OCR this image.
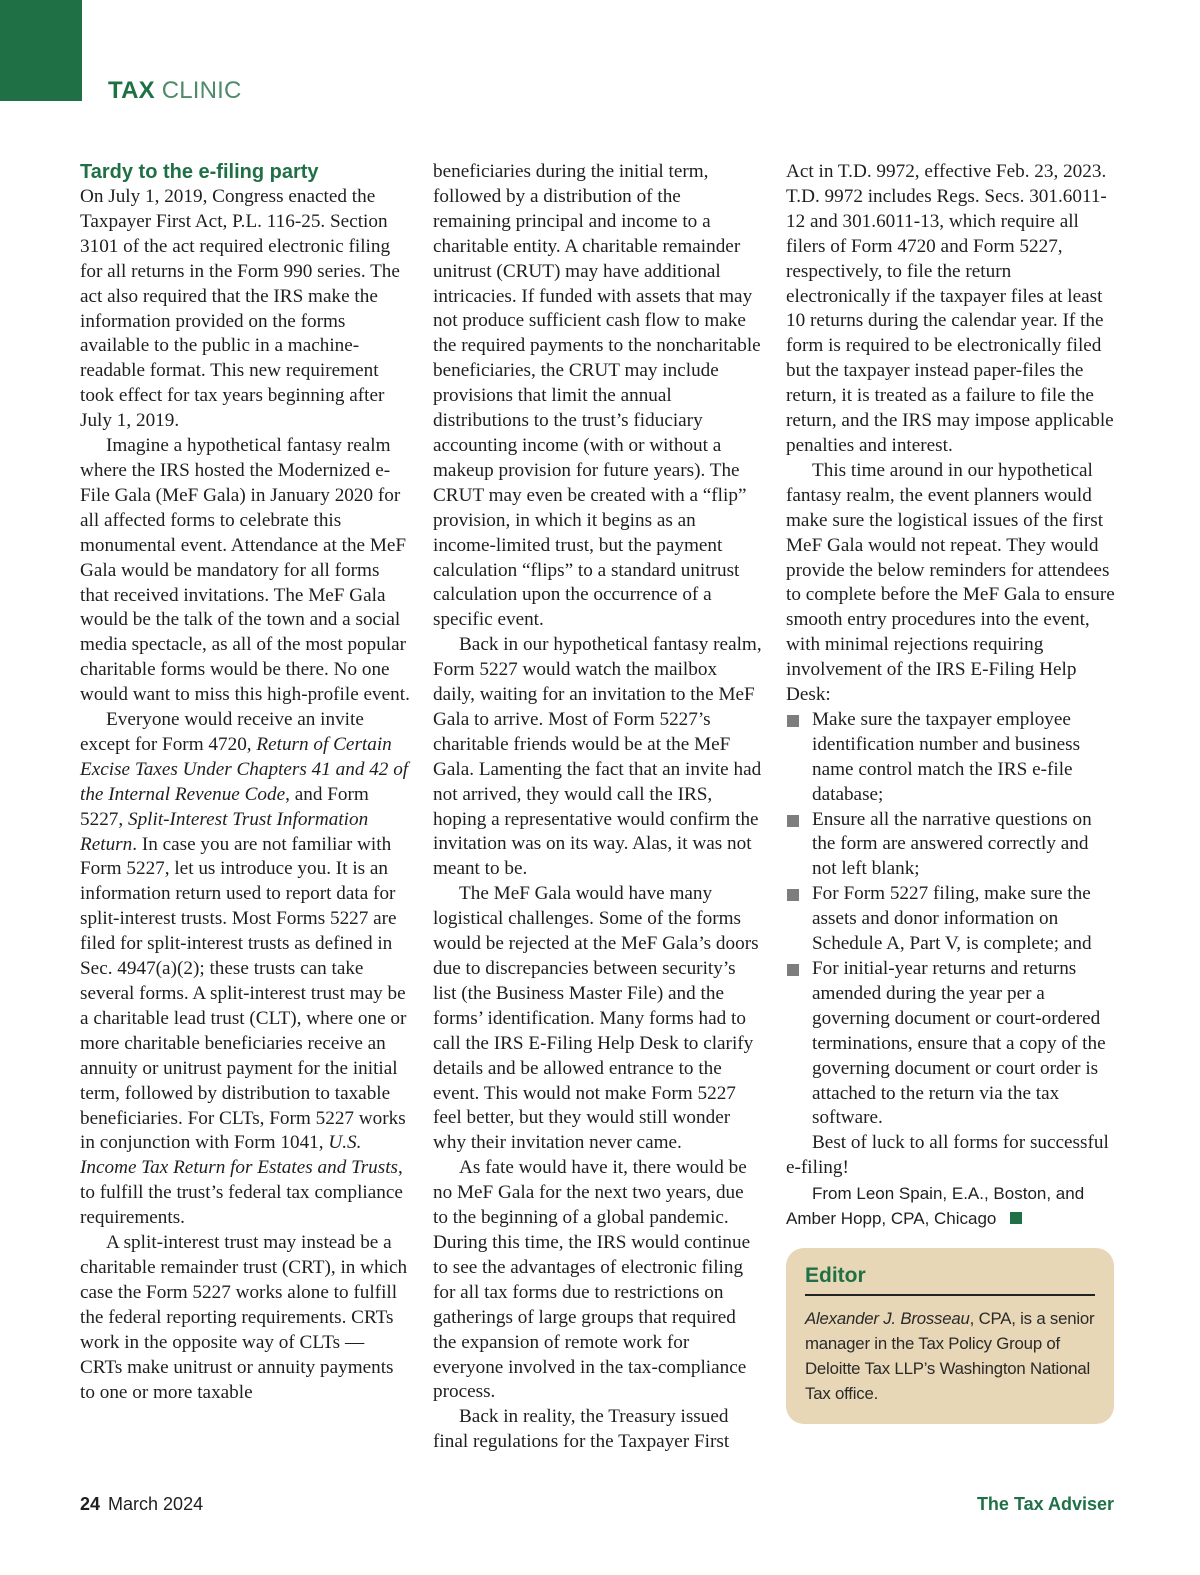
TAX CLINIC

Tardy to the e-filing party

On July 1, 2019, Congress enacted the Taxpayer First Act, P.L. 116-25. Section 3101 of the act required electronic filing for all returns in the Form 990 series. The act also required that the IRS make the information provided on the forms available to the public in a machine-readable format. This new requirement took effect for tax years beginning after July 1, 2019.

Imagine a hypothetical fantasy realm where the IRS hosted the Modernized e-File Gala (MeF Gala) in January 2020 for all affected forms to celebrate this monumental event. Attendance at the MeF Gala would be mandatory for all forms that received invitations. The MeF Gala would be the talk of the town and a social media spectacle, as all of the most popular charitable forms would be there. No one would want to miss this high-profile event.

Everyone would receive an invite except for Form 4720, Return of Certain Excise Taxes Under Chapters 41 and 42 of the Internal Revenue Code, and Form 5227, Split-Interest Trust Information Return. In case you are not familiar with Form 5227, let us introduce you. It is an information return used to report data for split-interest trusts. Most Forms 5227 are filed for split-interest trusts as defined in Sec. 4947(a)(2); these trusts can take several forms. A split-interest trust may be a charitable lead trust (CLT), where one or more charitable beneficiaries receive an annuity or unitrust payment for the initial term, followed by distribution to taxable beneficiaries. For CLTs, Form 5227 works in conjunction with Form 1041, U.S. Income Tax Return for Estates and Trusts, to fulfill the trust’s federal tax compliance requirements.

A split-interest trust may instead be a charitable remainder trust (CRT), in which case the Form 5227 works alone to fulfill the federal reporting requirements. CRTs work in the opposite way of CLTs — CRTs make unitrust or annuity payments to one or more taxable

beneficiaries during the initial term, followed by a distribution of the remaining principal and income to a charitable entity. A charitable remainder unitrust (CRUT) may have additional intricacies. If funded with assets that may not produce sufficient cash flow to make the required payments to the noncharitable beneficiaries, the CRUT may include provisions that limit the annual distributions to the trust’s fiduciary accounting income (with or without a makeup provision for future years). The CRUT may even be created with a “flip” provision, in which it begins as an income-limited trust, but the payment calculation “flips” to a standard unitrust calculation upon the occurrence of a specific event.

Back in our hypothetical fantasy realm, Form 5227 would watch the mailbox daily, waiting for an invitation to the MeF Gala to arrive. Most of Form 5227’s charitable friends would be at the MeF Gala. Lamenting the fact that an invite had not arrived, they would call the IRS, hoping a representative would confirm the invitation was on its way. Alas, it was not meant to be.

The MeF Gala would have many logistical challenges. Some of the forms would be rejected at the MeF Gala’s doors due to discrepancies between security’s list (the Business Master File) and the forms’ identification. Many forms had to call the IRS E-Filing Help Desk to clarify details and be allowed entrance to the event. This would not make Form 5227 feel better, but they would still wonder why their invitation never came.

As fate would have it, there would be no MeF Gala for the next two years, due to the beginning of a global pandemic. During this time, the IRS would continue to see the advantages of electronic filing for all tax forms due to restrictions on gatherings of large groups that required the expansion of remote work for everyone involved in the tax-compliance process.

Back in reality, the Treasury issued final regulations for the Taxpayer First

Act in T.D. 9972, effective Feb. 23, 2023. T.D. 9972 includes Regs. Secs. 301.6011-12 and 301.6011-13, which require all filers of Form 4720 and Form 5227, respectively, to file the return electronically if the taxpayer files at least 10 returns during the calendar year. If the form is required to be electronically filed but the taxpayer instead paper-files the return, it is treated as a failure to file the return, and the IRS may impose applicable penalties and interest.

This time around in our hypothetical fantasy realm, the event planners would make sure the logistical issues of the first MeF Gala would not repeat. They would provide the below reminders for attendees to complete before the MeF Gala to ensure smooth entry procedures into the event, with minimal rejections requiring involvement of the IRS E-Filing Help Desk:

Make sure the taxpayer employee identification number and business name control match the IRS e-file database;
Ensure all the narrative questions on the form are answered correctly and not left blank;
For Form 5227 filing, make sure the assets and donor information on Schedule A, Part V, is complete; and
For initial-year returns and returns amended during the year per a governing document or court-ordered terminations, ensure that a copy of the governing document or court order is attached to the return via the tax software.

Best of luck to all forms for successful e-filing!

From Leon Spain, E.A., Boston, and

Amber Hopp, CPA, Chicago

Editor
Alexander J. Brosseau, CPA, is a senior manager in the Tax Policy Group of Deloitte Tax LLP’s Washington National Tax office.
24 March 2024	The Tax Adviser
